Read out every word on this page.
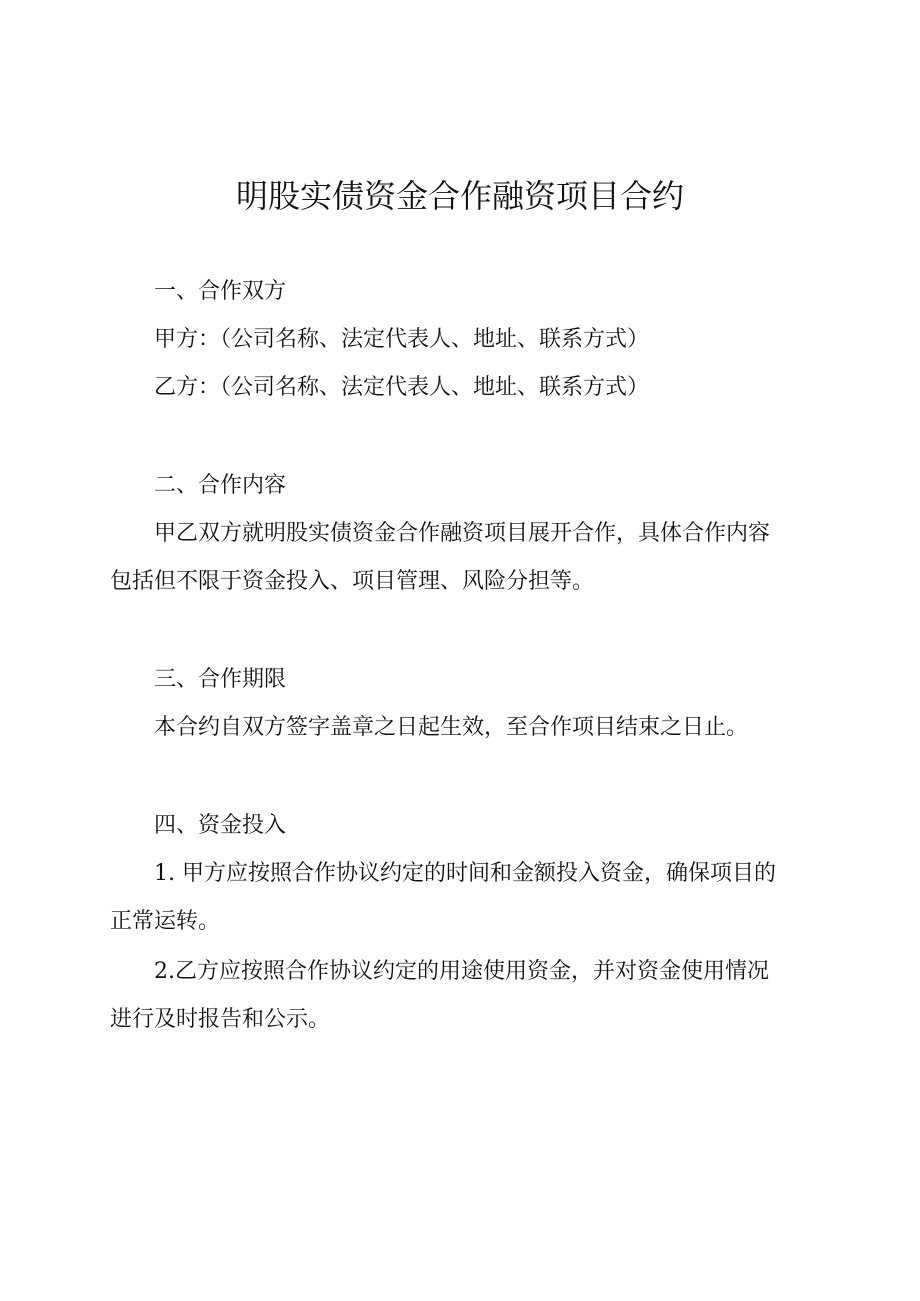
明股实债资金合作融资项目合约

一、合作双方

甲方：（公司名称、法定代表人、地址、联系方式）

乙方：（公司名称、法定代表人、地址、联系方式）

二、合作内容

甲乙双方就明股实债资金合作融资项目展开合作，具体合作内容

包括但不限于资金投入、项目管理、风险分担等。

三、合作期限

本合约自双方签字盖章之日起生效，至合作项目结束之日止。

四、资金投入

1. 甲方应按照合作协议约定的时间和金额投入资金，确保项目的

正常运转。

2.乙方应按照合作协议约定的用途使用资金，并对资金使用情况

进行及时报告和公示。
